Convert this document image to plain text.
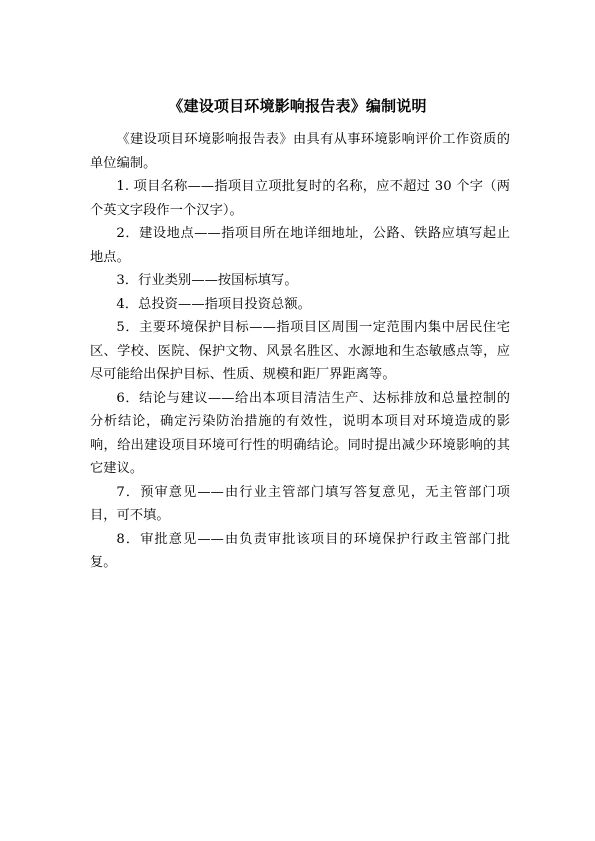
《建设项目环境影响报告表》编制说明

《建设项目环境影响报告表》由具有从事环境影响评价工作资质的单位编制。

1. 项目名称——指项目立项批复时的名称，应不超过 30 个字（两个英文字段作一个汉字）。

2．建设地点——指项目所在地详细地址，公路、铁路应填写起止地点。

3．行业类别——按国标填写。

4．总投资——指项目投资总额。

5．主要环境保护目标——指项目区周围一定范围内集中居民住宅区、学校、医院、保护文物、风景名胜区、水源地和生态敏感点等，应尽可能给出保护目标、性质、规模和距厂界距离等。

6．结论与建议——给出本项目清洁生产、达标排放和总量控制的分析结论，确定污染防治措施的有效性，说明本项目对环境造成的影响，给出建设项目环境可行性的明确结论。同时提出减少环境影响的其它建议。

7．预审意见——由行业主管部门填写答复意见，无主管部门项目，可不填。

8．审批意见——由负责审批该项目的环境保护行政主管部门批复。
